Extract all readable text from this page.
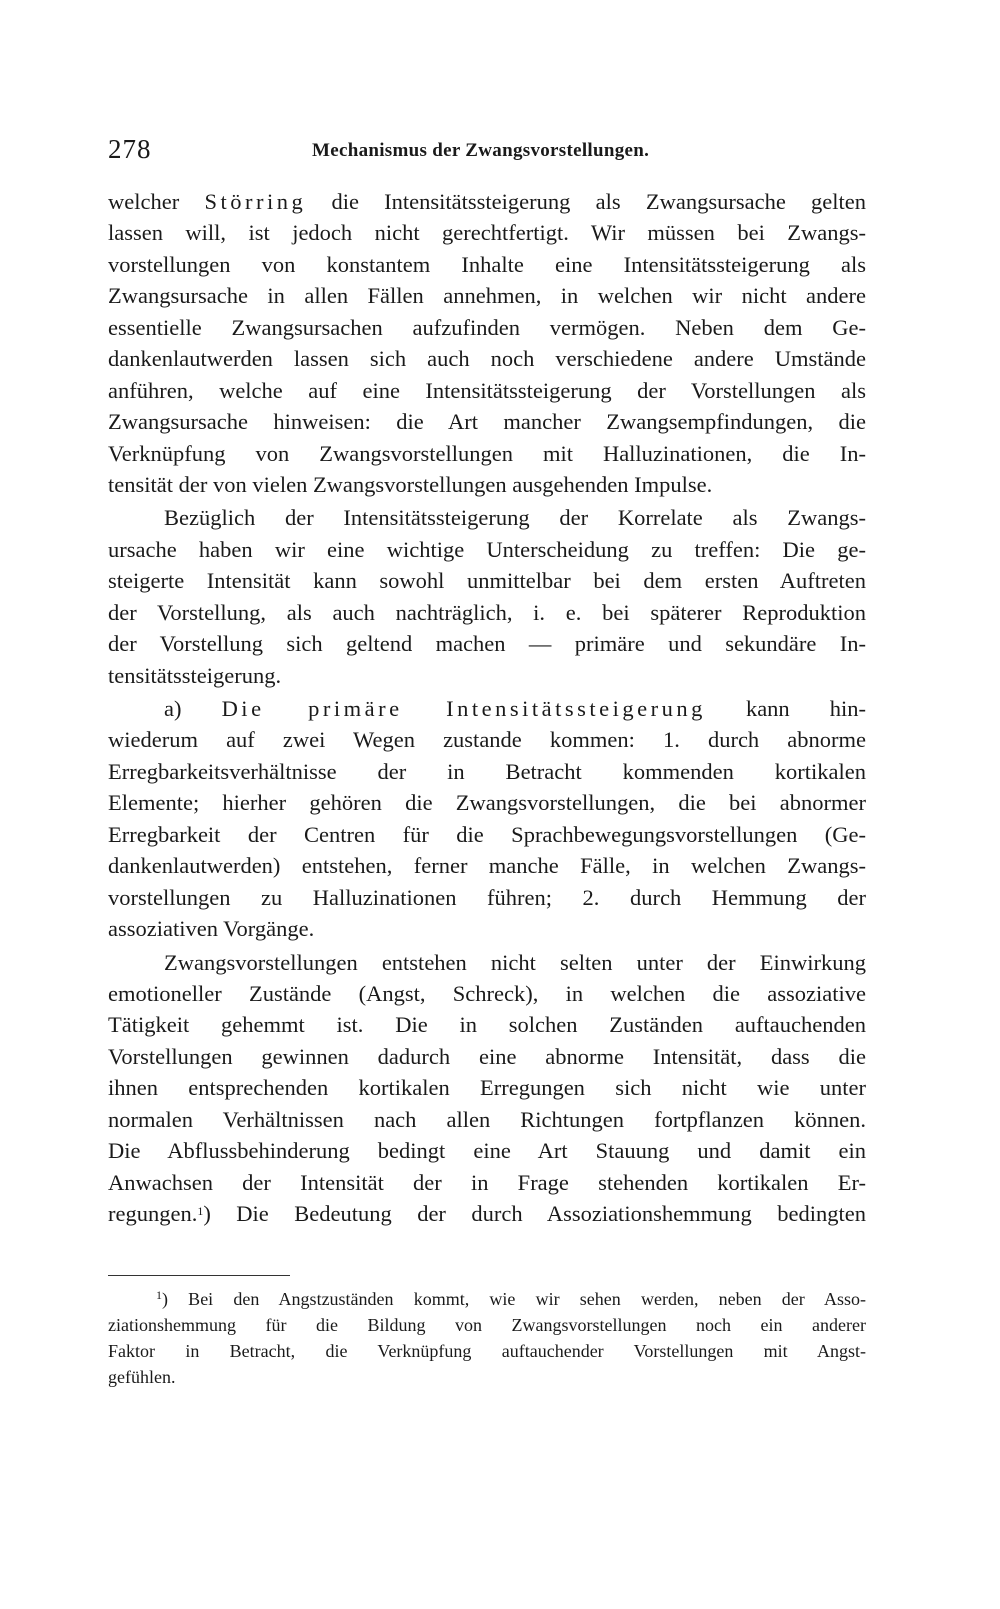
278	Mechanismus der Zwangsvorstellungen.
welcher Störring die Intensitätssteigerung als Zwangsursache gelten
lassen will, ist jedoch nicht gerechtfertigt. Wir müssen bei Zwangs-
vorstellungen von konstantem Inhalte eine Intensitätssteigerung als
Zwangsursache in allen Fällen annehmen, in welchen wir nicht andere
essentielle Zwangsursachen aufzufinden vermögen. Neben dem Ge-
dankenlautwerden lassen sich auch noch verschiedene andere Umstände
anführen, welche auf eine Intensitätssteigerung der Vorstellungen als
Zwangsursache hinweisen: die Art mancher Zwangsempfindungen, die
Verknüpfung von Zwangsvorstellungen mit Halluzinationen, die In-
tensität der von vielen Zwangsvorstellungen ausgehenden Impulse.
Bezüglich der Intensitätssteigerung der Korrelate als Zwangs-
ursache haben wir eine wichtige Unterscheidung zu treffen: Die ge-
steigerte Intensität kann sowohl unmittelbar bei dem ersten Auftreten
der Vorstellung, als auch nachträglich, i. e. bei späterer Reproduktion
der Vorstellung sich geltend machen — primäre und sekundäre In-
tensitätssteigerung.
a) Die primäre Intensitätssteigerung kann hin-
wiederum auf zwei Wegen zustande kommen: 1. durch abnorme
Erregbarkeitsverhältnisse der in Betracht kommenden kortikalen
Elemente; hierher gehören die Zwangsvorstellungen, die bei abnormer
Erregbarkeit der Centren für die Sprachbewegungsvorstellungen (Ge-
dankenlautwerden) entstehen, ferner manche Fälle, in welchen Zwangs-
vorstellungen zu Halluzinationen führen; 2. durch Hemmung der
assoziativen Vorgänge.
Zwangsvorstellungen entstehen nicht selten unter der Einwirkung
emotioneller Zustände (Angst, Schreck), in welchen die assoziative
Tätigkeit gehemmt ist. Die in solchen Zuständen auftauchenden
Vorstellungen gewinnen dadurch eine abnorme Intensität, dass die
ihnen entsprechenden kortikalen Erregungen sich nicht wie unter
normalen Verhältnissen nach allen Richtungen fortpflanzen können.
Die Abflussbehinderung bedingt eine Art Stauung und damit ein
Anwachsen der Intensität der in Frage stehenden kortikalen Er-
regungen.$^1$) Die Bedeutung der durch Assoziationshemmung bedingten
$^1$) Bei den Angstzuständen kommt, wie wir sehen werden, neben der Asso-
ziationshemmung für die Bildung von Zwangsvorstellungen noch ein anderer
Faktor in Betracht, die Verknüpfung auftauchender Vorstellungen mit Angst-
gefühlen.
